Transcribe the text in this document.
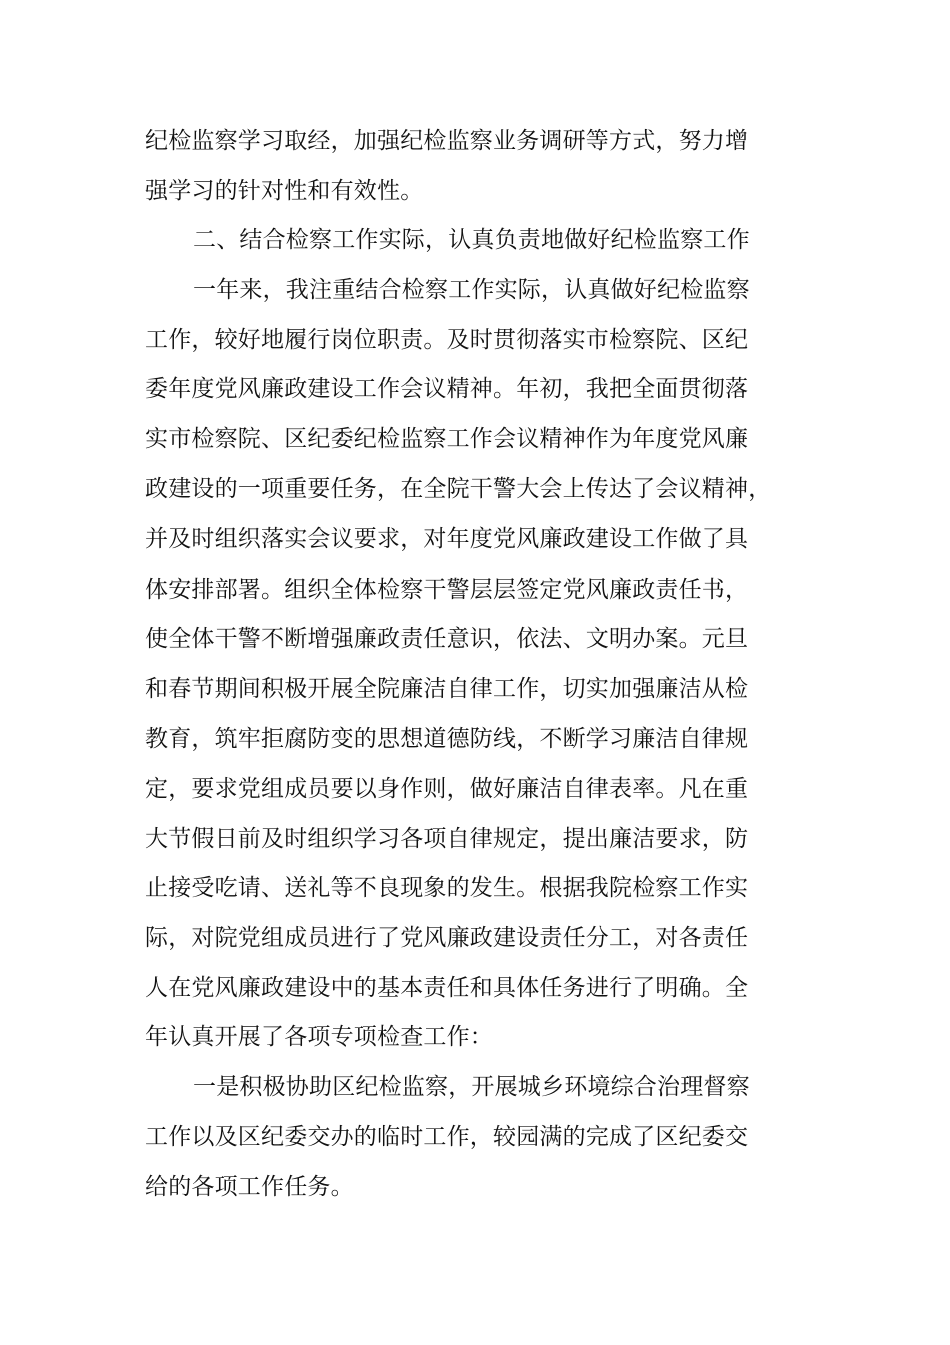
纪检监察学习取经，加强纪检监察业务调研等方式，努力增

强学习的针对性和有效性。

二、结合检察工作实际，认真负责地做好纪检监察工作

一年来，我注重结合检察工作实际，认真做好纪检监察

工作，较好地履行岗位职责。及时贯彻落实市检察院、区纪

委年度党风廉政建设工作会议精神。年初，我把全面贯彻落

实市检察院、区纪委纪检监察工作会议精神作为年度党风廉

政建设的一项重要任务，在全院干警大会上传达了会议精神，

并及时组织落实会议要求，对年度党风廉政建设工作做了具

体安排部署。组织全体检察干警层层签定党风廉政责任书，

使全体干警不断增强廉政责任意识，依法、文明办案。元旦

和春节期间积极开展全院廉洁自律工作，切实加强廉洁从检

教育，筑牢拒腐防变的思想道德防线，不断学习廉洁自律规

定，要求党组成员要以身作则，做好廉洁自律表率。凡在重

大节假日前及时组织学习各项自律规定，提出廉洁要求，防

止接受吃请、送礼等不良现象的发生。根据我院检察工作实

际，对院党组成员进行了党风廉政建设责任分工，对各责任

人在党风廉政建设中的基本责任和具体任务进行了明确。全

年认真开展了各项专项检查工作：

一是积极协助区纪检监察，开展城乡环境综合治理督察

工作以及区纪委交办的临时工作，较园满的完成了区纪委交

给的各项工作任务。
